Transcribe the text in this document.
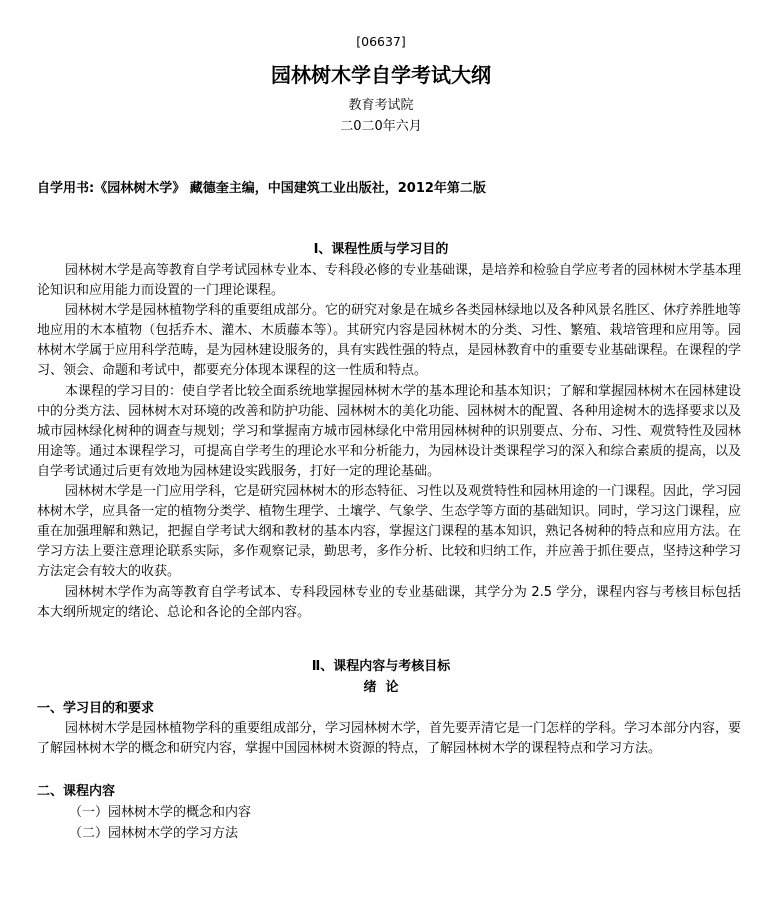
[06637]
园林树木学自学考试大纲
教育考试院
二0二0年六月
自学用书:《园林树木学》 藏德奎主编，中国建筑工业出版社，2012年第二版
Ⅰ、课程性质与学习目的

园林树木学是高等教育自学考试园林专业本、专科段必修的专业基础课，是培养和检验自学应考者的园林树木学基本理论知识和应用能力而设置的一门理论课程。

园林树木学是园林植物学科的重要组成部分。它的研究对象是在城乡各类园林绿地以及各种风景名胜区、休疗养胜地等地应用的木本植物（包括乔木、灌木、木质藤本等）。其研究内容是园林树木的分类、习性、繁殖、栽培管理和应用等。园林树木学属于应用科学范畴，是为园林建设服务的，具有实践性强的特点，是园林教育中的重要专业基础课程。在课程的学习、领会、命题和考试中，都要充分体现本课程的这一性质和特点。

本课程的学习目的：使自学者比较全面系统地掌握园林树木学的基本理论和基本知识；了解和掌握园林树木在园林建设中的分类方法、园林树木对环境的改善和防护功能、园林树木的美化功能、园林树木的配置、各种用途树木的选择要求以及城市园林绿化树种的调查与规划；学习和掌握南方城市园林绿化中常用园林树种的识别要点、分布、习性、观赏特性及园林用途等。通过本课程学习，可提高自学考生的理论水平和分析能力，为园林设计类课程学习的深入和综合素质的提高，以及自学考试通过后更有效地为园林建设实践服务，打好一定的理论基础。

园林树木学是一门应用学科，它是研究园林树木的形态特征、习性以及观赏特性和园林用途的一门课程。因此，学习园林树木学，应具备一定的植物分类学、植物生理学、土壤学、气象学、生态学等方面的基础知识。同时，学习这门课程，应重在加强理解和熟记，把握自学考试大纲和教材的基本内容，掌握这门课程的基本知识，熟记各树种的特点和应用方法。在学习方法上要注意理论联系实际，多作观察记录，勤思考，多作分析、比较和归纳工作，并应善于抓住要点，坚持这种学习方法定会有较大的收获。

园林树木学作为高等教育自学考试本、专科段园林专业的专业基础课，其学分为 2.5 学分，课程内容与考核目标包括本大纲所规定的绪论、总论和各论的全部内容。

Ⅱ、课程内容与考核目标
绪  论
一、学习目的和要求

园林树木学是园林植物学科的重要组成部分，学习园林树木学，首先要弄清它是一门怎样的学科。学习本部分内容，要了解园林树木学的概念和研究内容，掌握中国园林树木资源的特点，了解园林树木学的课程特点和学习方法。

二、课程内容
（一）园林树木学的概念和内容
（二）园林树木学的学习方法
